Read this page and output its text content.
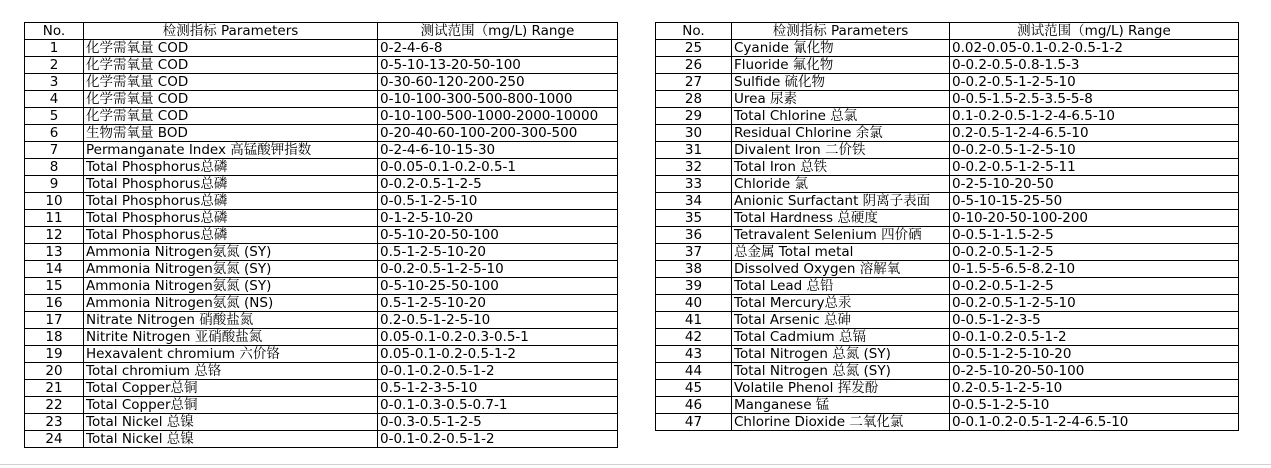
No.	检测指标 Parameters	测试范围（mg/L) Range
1	化学需氧量 COD	0-2-4-6-8
2	化学需氧量 COD	0-5-10-13-20-50-100
3	化学需氧量 COD	0-30-60-120-200-250
4	化学需氧量 COD	0-10-100-300-500-800-1000
5	化学需氧量 COD	0-10-100-500-1000-2000-10000
6	生物需氧量 BOD	0-20-40-60-100-200-300-500
7	Permanganate Index 高锰酸钾指数	0-2-4-6-10-15-30
8	Total Phosphorus总磷	0-0.05-0.1-0.2-0.5-1
9	Total Phosphorus总磷	0-0.2-0.5-1-2-5
10	Total Phosphorus总磷	0-0.5-1-2-5-10
11	Total Phosphorus总磷	0-1-2-5-10-20
12	Total Phosphorus总磷	0-5-10-20-50-100
13	Ammonia Nitrogen氨氮 (SY)	0.5-1-2-5-10-20
14	Ammonia Nitrogen氨氮 (SY)	0-0.2-0.5-1-2-5-10
15	Ammonia Nitrogen氨氮 (SY)	0-5-10-25-50-100
16	Ammonia Nitrogen氨氮 (NS)	0.5-1-2-5-10-20
17	Nitrate Nitrogen 硝酸盐氮	0.2-0.5-1-2-5-10
18	Nitrite Nitrogen 亚硝酸盐氮	0.05-0.1-0.2-0.3-0.5-1
19	Hexavalent chromium 六价铬	0.05-0.1-0.2-0.5-1-2
20	Total chromium 总铬	0-0.1-0.2-0.5-1-2
21	Total Copper总铜	0.5-1-2-3-5-10
22	Total Copper总铜	0-0.1-0.3-0.5-0.7-1
23	Total Nickel 总镍	0-0.3-0.5-1-2-5
24	Total Nickel 总镍	0-0.1-0.2-0.5-1-2
No.	检测指标 Parameters	测试范围（mg/L) Range
25	Cyanide 氰化物	0.02-0.05-0.1-0.2-0.5-1-2
26	Fluoride 氟化物	0-0.2-0.5-0.8-1.5-3
27	Sulfide 硫化物	0-0.2-0.5-1-2-5-10
28	Urea 尿素	0-0.5-1.5-2.5-3.5-5-8
29	Total Chlorine 总氯	0.1-0.2-0.5-1-2-4-6.5-10
30	Residual Chlorine 余氯	0.2-0.5-1-2-4-6.5-10
31	Divalent Iron 二价铁	0-0.2-0.5-1-2-5-10
32	Total Iron 总铁	0-0.2-0.5-1-2-5-11
33	Chloride 氯	0-2-5-10-20-50
34	Anionic Surfactant 阴离子表面	0-5-10-15-25-50
35	Total Hardness 总硬度	0-10-20-50-100-200
36	Tetravalent Selenium 四价硒	0-0.5-1-1.5-2-5
37	总金属 Total metal	0-0.2-0.5-1-2-5
38	Dissolved Oxygen 溶解氧	0-1.5-5-6.5-8.2-10
39	Total Lead 总铅	0-0.2-0.5-1-2-5
40	Total Mercury总汞	0-0.2-0.5-1-2-5-10
41	Total Arsenic 总砷	0-0.5-1-2-3-5
42	Total Cadmium 总镉	0-0.1-0.2-0.5-1-2
43	Total Nitrogen 总氮 (SY)	0-0.5-1-2-5-10-20
44	Total Nitrogen 总氮 (SY)	0-2-5-10-20-50-100
45	Volatile Phenol 挥发酚	0.2-0.5-1-2-5-10
46	Manganese 锰	0-0.5-1-2-5-10
47	Chlorine Dioxide 二氧化氯	0-0.1-0.2-0.5-1-2-4-6.5-10
